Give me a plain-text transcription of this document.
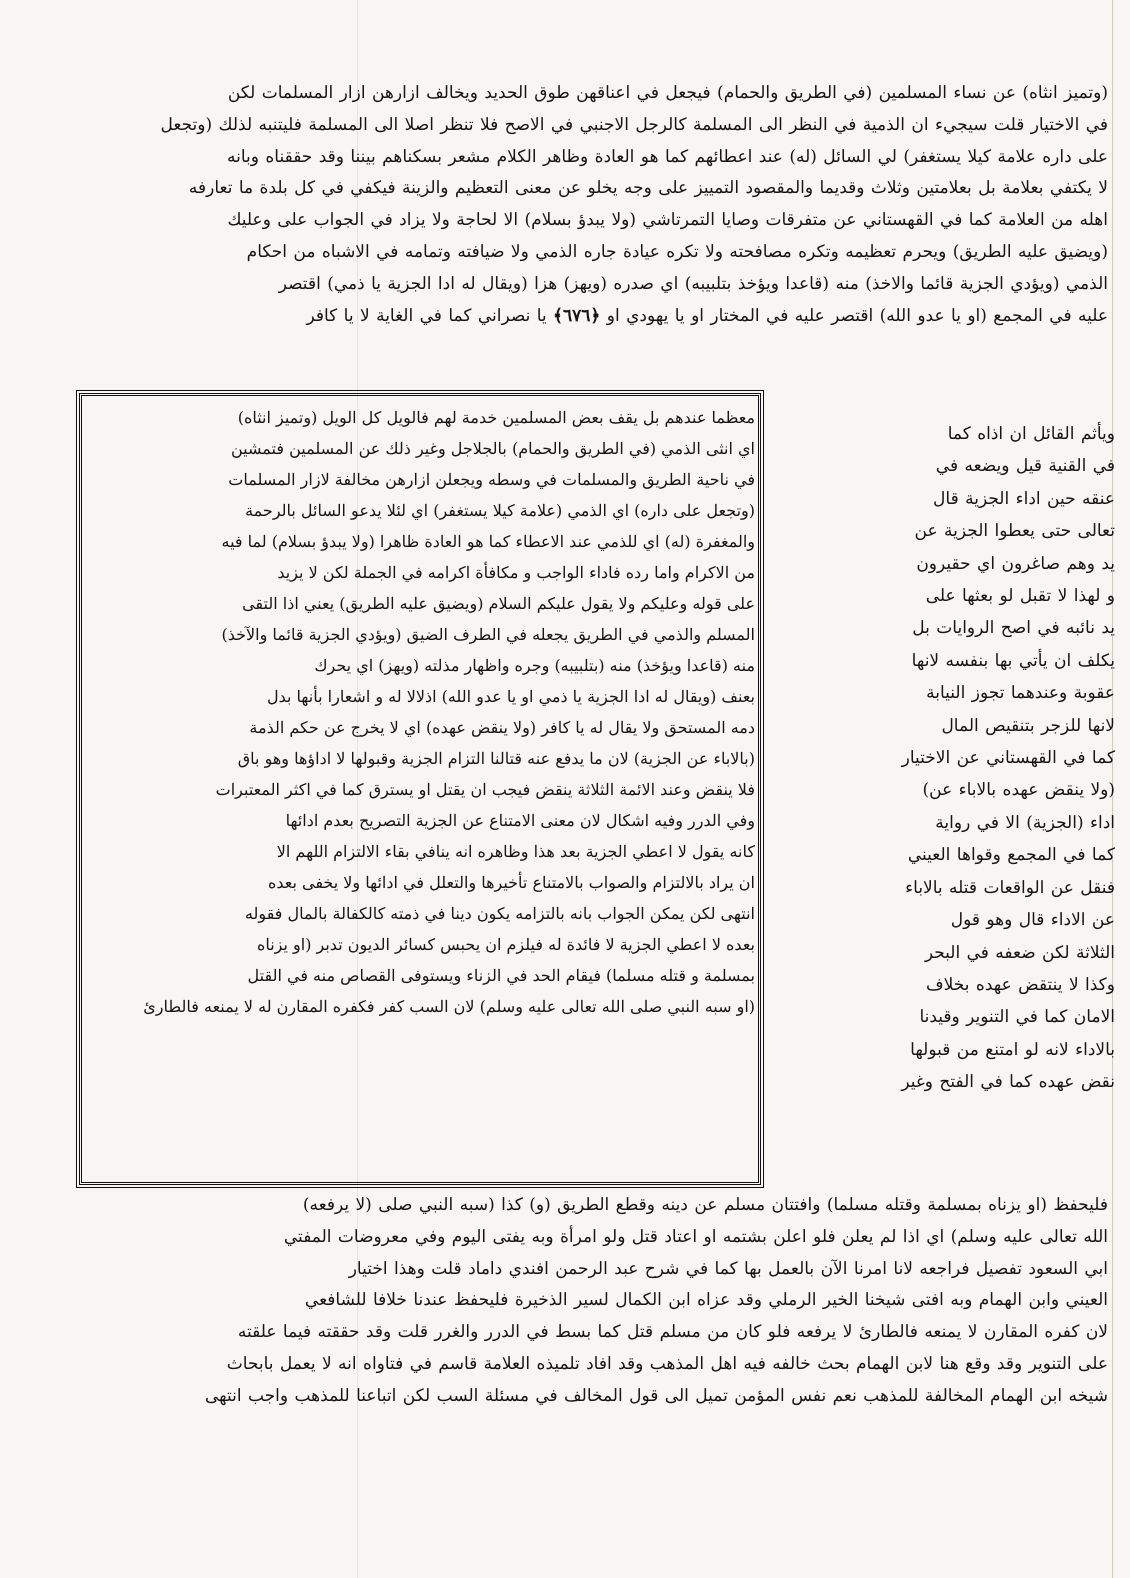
(وتميز انثاه) عن نساء المسلمين (في الطريق والحمام) فيجعل في اعناقهن طوق الحديد ويخالف ازارهن ازار المسلمات لكن
في الاختيار قلت سيجيء ان الذمية في النظر الى المسلمة كالرجل الاجنبي في الاصح فلا تنظر اصلا الى المسلمة فليتنبه لذلك (وتجعل
على داره علامة كيلا يستغفر) لي السائل (له) عند اعطائهم كما هو العادة وظاهر الكلام مشعر بسكناهم بيننا وقد حققناه وبانه
لا يكتفي بعلامة بل بعلامتين وثلاث وقديما والمقصود التمييز على وجه يخلو عن معنى التعظيم والزينة فيكفي في كل بلدة ما تعارفه
اهله من العلامة كما في القهستاني عن متفرقات وصايا التمرتاشي (ولا يبدؤ بسلام) الا لحاجة ولا يزاد في الجواب على وعليك
(ويضيق عليه الطريق) ويحرم تعظيمه وتكره مصافحته ولا تكره عيادة جاره الذمي ولا ضيافته وتمامه في الاشباه من احكام
الذمي (ويؤدي الجزية قائما والاخذ) منه (قاعدا ويؤخذ بتلبيبه) اي صدره (ويهز) هزا (ويقال له ادا الجزية يا ذمي) اقتصر
عليه في المجمع (او يا عدو الله) اقتصر عليه في المختار او يا يهودي او ﴿٦٧٦﴾ يا نصراني كما في الغاية لا يا كافر
ويأثم القائل ان اذاه كما
في القنية قيل ويضعه في
عنقه حين اداء الجزية قال
تعالى حتى يعطوا الجزية عن
يد وهم صاغرون اي حقيرون
و لهذا لا تقبل لو بعثها على
يد نائبه في اصح الروايات بل
يكلف ان يأتي بها بنفسه لانها
عقوبة وعندهما تجوز النيابة
لانها للزجر بتنقيص المال
كما في القهستاني عن الاختيار
(ولا ينقض عهده بالاباء عن)
اداء (الجزية) الا في رواية
كما في المجمع وقواها العيني
فنقل عن الواقعات قتله بالاباء
عن الاداء قال وهو قول
الثلاثة لكن ضعفه في البحر
وكذا لا ينتقض عهده بخلاف
الامان كما في التنوير وقيدنا
بالاداء لانه لو امتنع من قبولها
نقض عهده كما في الفتح وغير
معظما عندهم بل يقف بعض المسلمين خدمة لهم فالويل كل الويل (وتميز انثاه)
اي انثى الذمي (في الطريق والحمام) بالجلاجل وغير ذلك عن المسلمين فتمشين
في ناحية الطريق والمسلمات في وسطه ويجعلن ازارهن مخالفة لازار المسلمات
(وتجعل على داره) اي الذمي (علامة كيلا يستغفر) اي لئلا يدعو السائل بالرحمة
والمغفرة (له) اي للذمي عند الاعطاء كما هو العادة ظاهرا (ولا يبدؤ بسلام) لما فيه
من الاكرام واما رده فاداء الواجب و مكافأة اكرامه في الجملة لكن لا يزيد
على قوله وعليكم ولا يقول عليكم السلام (ويضيق عليه الطريق) يعني اذا التقى
المسلم والذمي في الطريق يجعله في الطرف الضيق (ويؤدي الجزية قائما والآخذ)
منه (قاعدا ويؤخذ) منه (بتلبيبه) وجره واظهار مذلته (ويهز) اي يحرك
بعنف (ويقال له ادا الجزية يا ذمي او يا عدو الله) اذلالا له و اشعارا بأنها بدل
دمه المستحق ولا يقال له يا كافر (ولا ينقض عهده) اي لا يخرج عن حكم الذمة
(بالاباء عن الجزية) لان ما يدفع عنه قتالنا التزام الجزية وقبولها لا اداؤها وهو باق
فلا ينقض وعند الائمة الثلاثة ينقض فيجب ان يقتل او يسترق كما في اكثر المعتبرات
وفي الدرر وفيه اشكال لان معنى الامتناع عن الجزية التصريح بعدم ادائها
كانه يقول لا اعطي الجزية بعد هذا وظاهره انه ينافي بقاء الالتزام اللهم الا
ان يراد بالالتزام والصواب بالامتناع تأخيرها والتعلل في ادائها ولا يخفى بعده
انتهى لكن يمكن الجواب بانه بالتزامه يكون دينا في ذمته كالكفالة بالمال فقوله
بعده لا اعطي الجزية لا فائدة له فيلزم ان يحبس كسائر الديون تدبر (او يزناه
بمسلمة و قتله مسلما) فيقام الحد في الزناء ويستوفى القصاص منه في القتل
(او سبه النبي صلى الله تعالى عليه وسلم) لان السب كفر فكفره المقارن له لا يمنعه فالطارئ
فليحفظ (او يزناه بمسلمة وقتله مسلما) وافتتان مسلم عن دينه وقطع الطريق (و) كذا (سبه النبي صلى (لا يرفعه)
الله تعالى عليه وسلم) اي اذا لم يعلن فلو اعلن بشتمه او اعتاد قتل ولو امرأة وبه يفتى اليوم وفي معروضات المفتي
ابي السعود تفصيل فراجعه لانا امرنا الآن بالعمل بها كما في شرح عبد الرحمن افندي داماد قلت وهذا اختيار
العيني وابن الهمام وبه افتى شيخنا الخير الرملي وقد عزاه ابن الكمال لسير الذخيرة فليحفظ عندنا خلافا للشافعي
لان كفره المقارن لا يمنعه فالطارئ لا يرفعه فلو كان من مسلم قتل كما بسط في الدرر والغرر قلت وقد حققته فيما علقته
على التنوير وقد وقع هنا لابن الهمام بحث خالفه فيه اهل المذهب وقد افاد تلميذه العلامة قاسم في فتاواه انه لا يعمل بابحاث
شيخه ابن الهمام المخالفة للمذهب نعم نفس المؤمن تميل الى قول المخالف في مسئلة السب لكن اتباعنا للمذهب واجب انتهى
